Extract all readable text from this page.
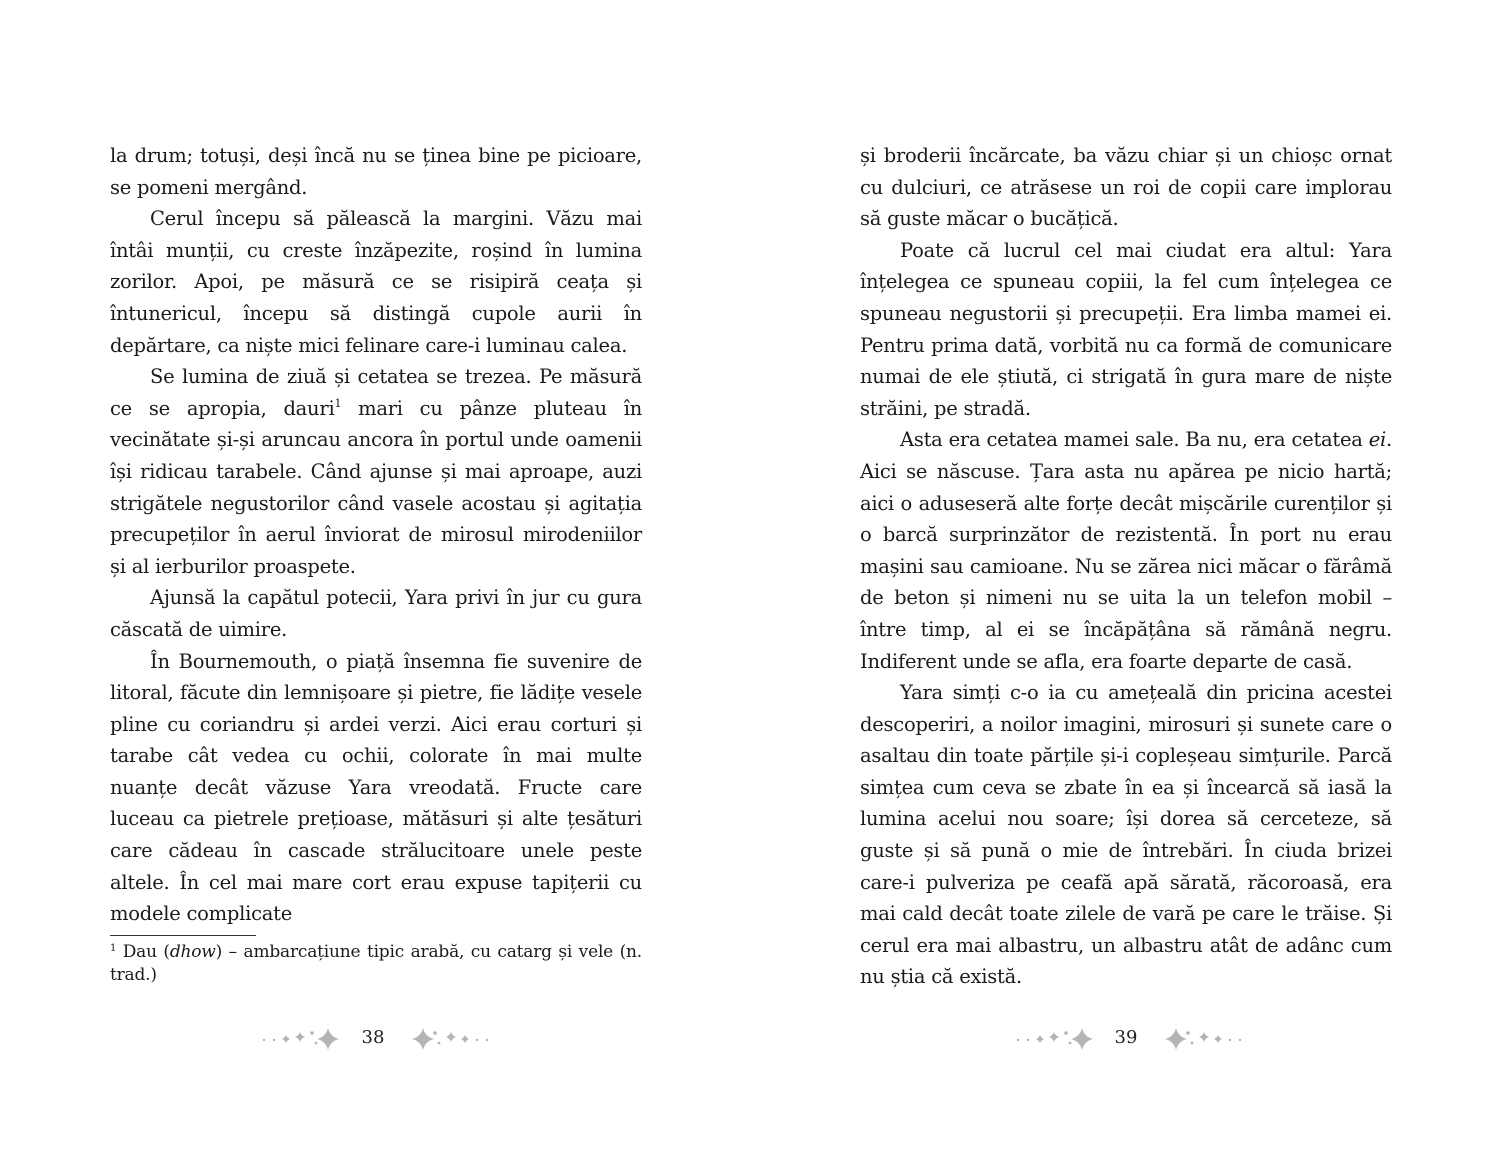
la drum; totuși, deși încă nu se ținea bine pe picioare, se pomeni mergând.

Cerul începu să pălească la margini. Văzu mai întâi munții, cu creste înzăpezite, roșind în lumina zorilor. Apoi, pe măsură ce se risipiră ceața și întunericul, începu să distingă cupole aurii în depărtare, ca niște mici felinare care-i luminau calea.

Se lumina de ziuă și cetatea se trezea. Pe măsură ce se apropia, dauri$^1$ mari cu pânze pluteau în vecinătate și-și aruncau ancora în portul unde oamenii își ridicau tarabele. Când ajunse și mai aproape, auzi strigătele negustorilor când vasele acostau și agitația precupeților în aerul înviorat de mirosul mirodeniilor și al ierburilor proaspete.

Ajunsă la capătul potecii, Yara privi în jur cu gura căscată de uimire.

În Bournemouth, o piață însemna fie suvenire de litoral, făcute din lemnișoare și pietre, fie lădițe vesele pline cu coriandru și ardei verzi. Aici erau corturi și tarabe cât vedea cu ochii, colorate în mai multe nuanțe decât văzuse Yara vreodată. Fructe care luceau ca pietrele prețioase, mătăsuri și alte țesături care cădeau în cascade strălucitoare unele peste altele. În cel mai mare cort erau expuse tapițerii cu modele complicate

$^1$ Dau (dhow) – ambarcațiune tipic arabă, cu catarg și vele (n. trad.)
38

și broderii încărcate, ba văzu chiar și un chioșc ornat cu dulciuri, ce atrăsese un roi de copii care implorau să guste măcar o bucățică.

Poate că lucrul cel mai ciudat era altul: Yara înțelegea ce spuneau copiii, la fel cum înțelegea ce spuneau negustorii și precupeții. Era limba mamei ei. Pentru prima dată, vorbită nu ca formă de comunicare numai de ele știută, ci strigată în gura mare de niște străini, pe stradă.

Asta era cetatea mamei sale. Ba nu, era cetatea ei. Aici se născuse. Țara asta nu apărea pe nicio hartă; aici o aduseseră alte forțe decât mișcările curenților și o barcă surprinzător de rezistentă. În port nu erau mașini sau camioane. Nu se zărea nici măcar o fărâmă de beton și nimeni nu se uita la un telefon mobil – între timp, al ei se încăpățâna să rămână negru. Indiferent unde se afla, era foarte departe de casă.

Yara simți c-o ia cu amețeală din pricina acestei descoperiri, a noilor imagini, mirosuri și sunete care o asaltau din toate părțile și-i copleșeau simțurile. Parcă simțea cum ceva se zbate în ea și încearcă să iasă la lumina acelui nou soare; își dorea să cerceteze, să guste și să pună o mie de întrebări. În ciuda brizei care-i pulveriza pe ceafă apă sărată, răcoroasă, era mai cald decât toate zilele de vară pe care le trăise. Și cerul era mai albastru, un albastru atât de adânc cum nu știa că există.

39
